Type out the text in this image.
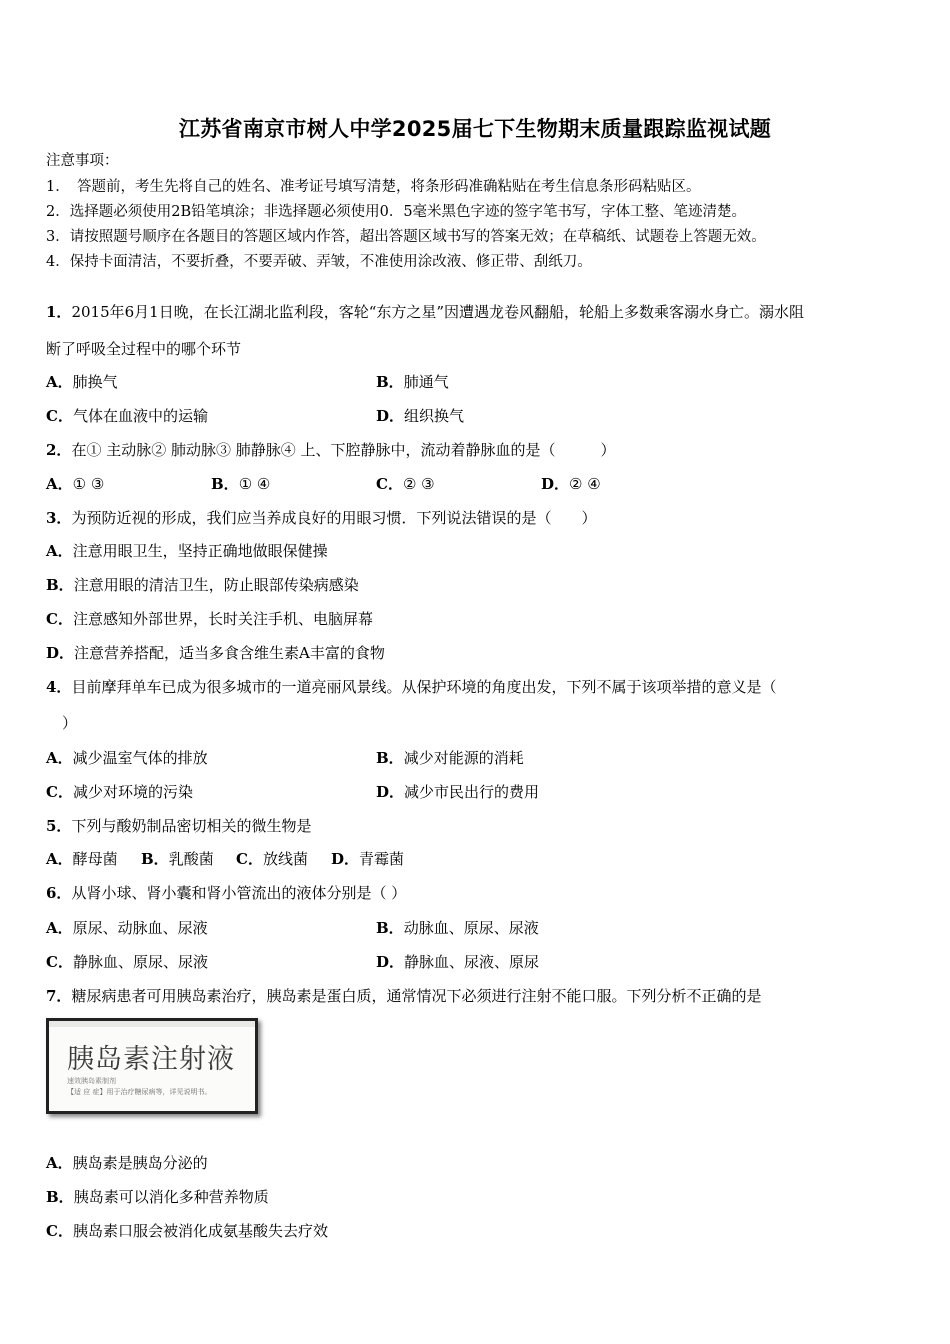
江苏省南京市树人中学2025届七下生物期末质量跟踪监视试题
注意事项：
1．　答题前，考生先将自己的姓名、准考证号填写清楚，将条形码准确粘贴在考生信息条形码粘贴区。
2．选择题必须使用2B铅笔填涂；非选择题必须使用0．5毫米黑色字迹的签字笔书写，字体工整、笔迹清楚。
3．请按照题号顺序在各题目的答题区域内作答，超出答题区域书写的答案无效；在草稿纸、试题卷上答题无效。
4．保持卡面清洁，不要折叠，不要弄破、弄皱，不准使用涂改液、修正带、刮纸刀。
1．2015年6月1日晚，在长江湖北监利段，客轮“东方之星”因遭遇龙卷风翻船，轮船上多数乘客溺水身亡。溺水阻
断了呼吸全过程中的哪个环节
A．肺换气	B．肺通气
C．气体在血液中的运输	D．组织换气
2．在① 主动脉② 肺动脉③ 肺静脉④ 上、下腔静脉中，流动着静脉血的是（　　　）
A．① ③	B．① ④	C．② ③	D．② ④
3．为预防近视的形成，我们应当养成良好的用眼习惯．下列说法错误的是（　　）
A．注意用眼卫生，坚持正确地做眼保健操
B．注意用眼的清洁卫生，防止眼部传染病感染
C．注意感知外部世界，长时关注手机、电脑屏幕
D．注意营养搭配，适当多食含维生素A丰富的食物
4．目前摩拜单车已成为很多城市的一道亮丽风景线。从保护环境的角度出发，下列不属于该项举措的意义是（
）
A．减少温室气体的排放	B．减少对能源的消耗
C．减少对环境的污染	D．减少市民出行的费用
5．下列与酸奶制品密切相关的微生物是
A．酵母菌 B．乳酸菌 C．放线菌 D．青霉菌
6．从肾小球、肾小囊和肾小管流出的液体分别是（ ）
A．原尿、动脉血、尿液	B．动脉血、原尿、尿液
C．静脉血、原尿、尿液	D．静脉血、尿液、原尿
7．糖尿病患者可用胰岛素治疗，胰岛素是蛋白质，通常情况下必须进行注射不能口服。下列分析不正确的是
胰岛素注射液
速效胰岛素制剂
【适 应 症】用于治疗糖尿病等，详见说明书。
A．胰岛素是胰岛分泌的
B．胰岛素可以消化多种营养物质
C．胰岛素口服会被消化成氨基酸失去疗效
